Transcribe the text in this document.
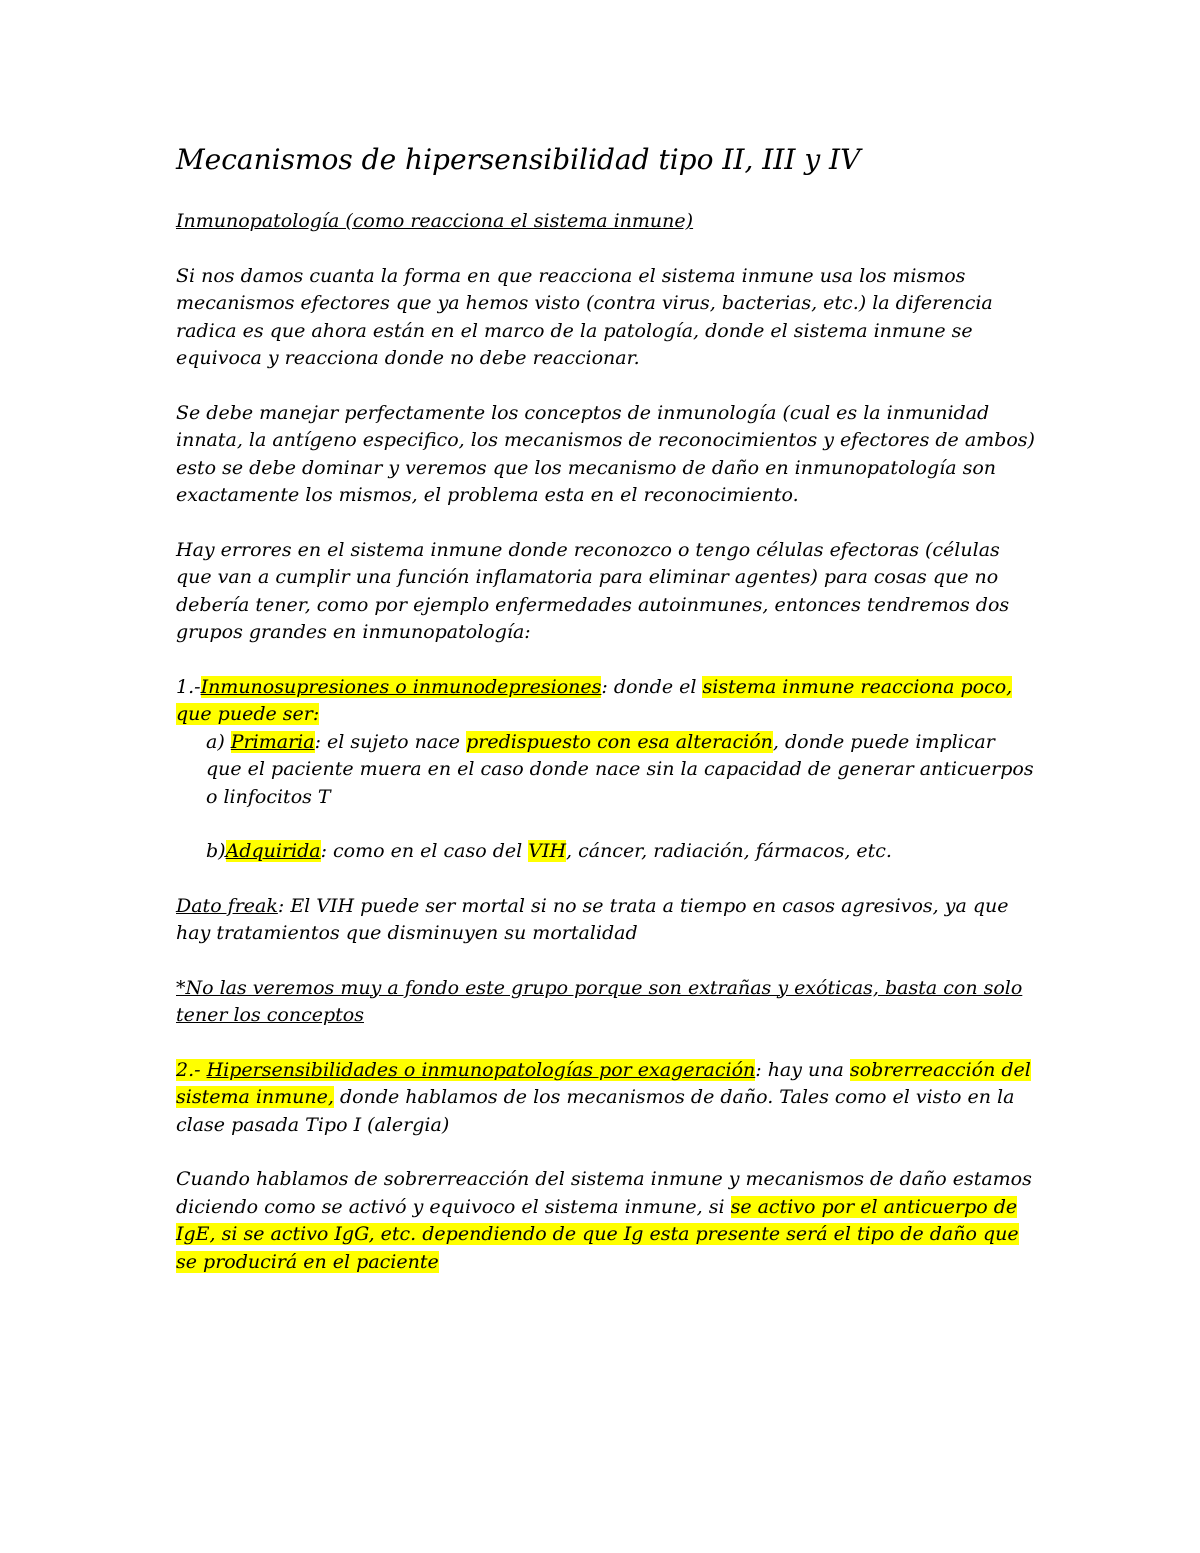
Mecanismos de hipersensibilidad tipo II, III y IV

Inmunopatología (como reacciona el sistema inmune)

Si nos damos cuanta la forma en que reacciona el sistema inmune usa los mismos mecanismos efectores que ya hemos visto (contra virus, bacterias, etc.) la diferencia radica es que ahora están en el marco de la patología, donde el sistema inmune se equivoca y reacciona donde no debe reaccionar.

Se debe manejar perfectamente los conceptos de inmunología (cual es la inmunidad innata, la antígeno especifico, los mecanismos de reconocimientos y efectores de ambos) esto se debe dominar y veremos que los mecanismo de daño en inmunopatología son exactamente los mismos, el problema esta en el reconocimiento.

Hay errores en el sistema inmune donde reconozco o tengo células efectoras (células que van a cumplir una función inflamatoria para eliminar agentes) para cosas que no debería tener, como por ejemplo enfermedades autoinmunes, entonces tendremos dos grupos grandes en inmunopatología:

1.-Inmunosupresiones o inmunodepresiones: donde el sistema inmune reacciona poco, que puede ser:

a) Primaria: el sujeto nace predispuesto con esa alteración, donde puede implicar que el paciente muera en el caso donde nace sin la capacidad de generar anticuerpos o linfocitos T

b)Adquirida: como en el caso del VIH, cáncer, radiación, fármacos, etc.

Dato freak: El VIH puede ser mortal si no se trata a tiempo en casos agresivos, ya que hay tratamientos que disminuyen su mortalidad

*No las veremos muy a fondo este grupo porque son extrañas y exóticas, basta con solo tener los conceptos

2.- Hipersensibilidades o inmunopatologías por exageración: hay una sobrerreacción del sistema inmune, donde hablamos de los mecanismos de daño. Tales como el visto en la clase pasada Tipo I (alergia)

Cuando hablamos de sobrerreacción del sistema inmune y mecanismos de daño estamos diciendo como se activó y equivoco el sistema inmune, si se activo por el anticuerpo de IgE, si se activo IgG, etc. dependiendo de que Ig esta presente será el tipo de daño que se producirá en el paciente
